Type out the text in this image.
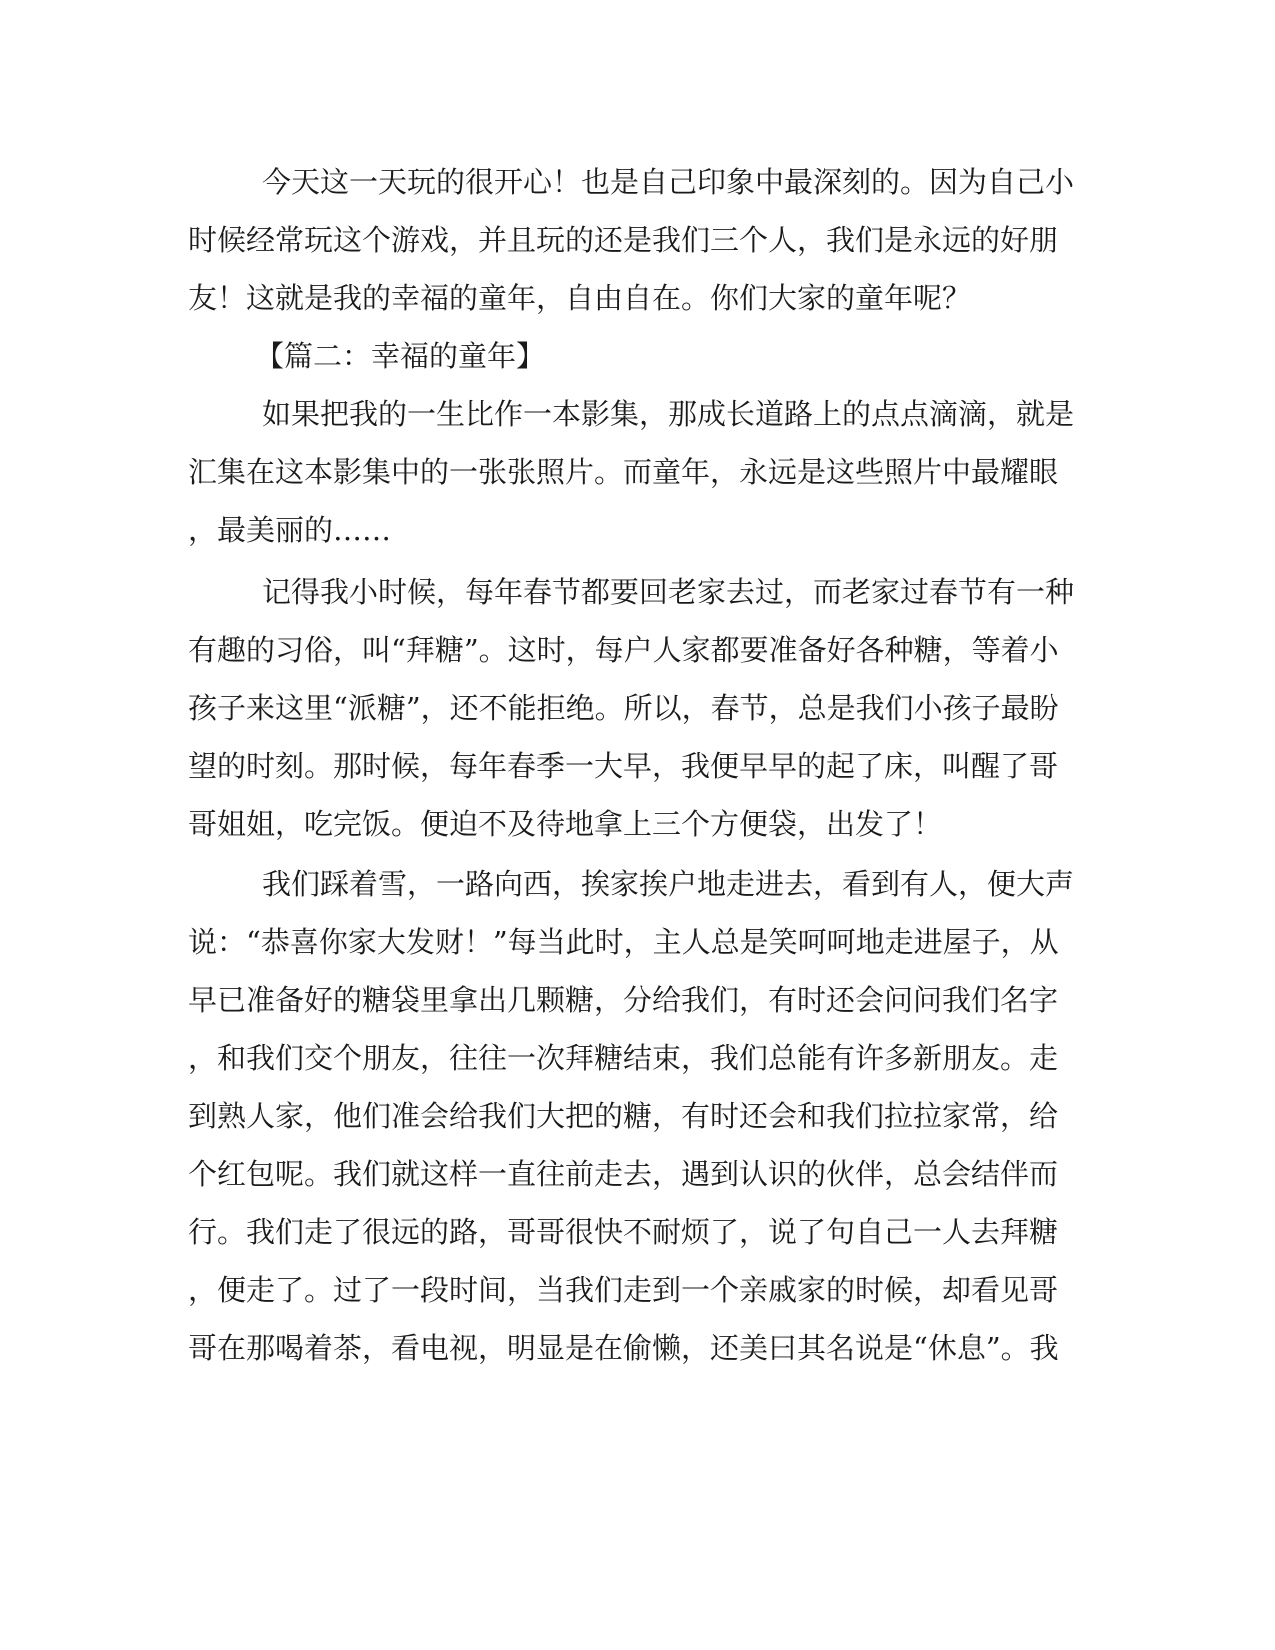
今天这一天玩的很开心！也是自己印象中最深刻的。因为自己小
时候经常玩这个游戏，并且玩的还是我们三个人，我们是永远的好朋
友！这就是我的幸福的童年，自由自在。你们大家的童年呢？
【篇二：幸福的童年】
如果把我的一生比作一本影集，那成长道路上的点点滴滴，就是
汇集在这本影集中的一张张照片。而童年，永远是这些照片中最耀眼
，最美丽的……
记得我小时候，每年春节都要回老家去过，而老家过春节有一种
有趣的习俗，叫“拜糖”。这时，每户人家都要准备好各种糖，等着小
孩子来这里“派糖”，还不能拒绝。所以，春节，总是我们小孩子最盼
望的时刻。那时候，每年春季一大早，我便早早的起了床，叫醒了哥
哥姐姐，吃完饭。便迫不及待地拿上三个方便袋，出发了！
我们踩着雪，一路向西，挨家挨户地走进去，看到有人，便大声
说：“恭喜你家大发财！”每当此时，主人总是笑呵呵地走进屋子，从
早已准备好的糖袋里拿出几颗糖，分给我们，有时还会问问我们名字
，和我们交个朋友，往往一次拜糖结束，我们总能有许多新朋友。走
到熟人家，他们准会给我们大把的糖，有时还会和我们拉拉家常，给
个红包呢。我们就这样一直往前走去，遇到认识的伙伴，总会结伴而
行。我们走了很远的路，哥哥很快不耐烦了，说了句自己一人去拜糖
，便走了。过了一段时间，当我们走到一个亲戚家的时候，却看见哥
哥在那喝着茶，看电视，明显是在偷懒，还美曰其名说是“休息”。我
